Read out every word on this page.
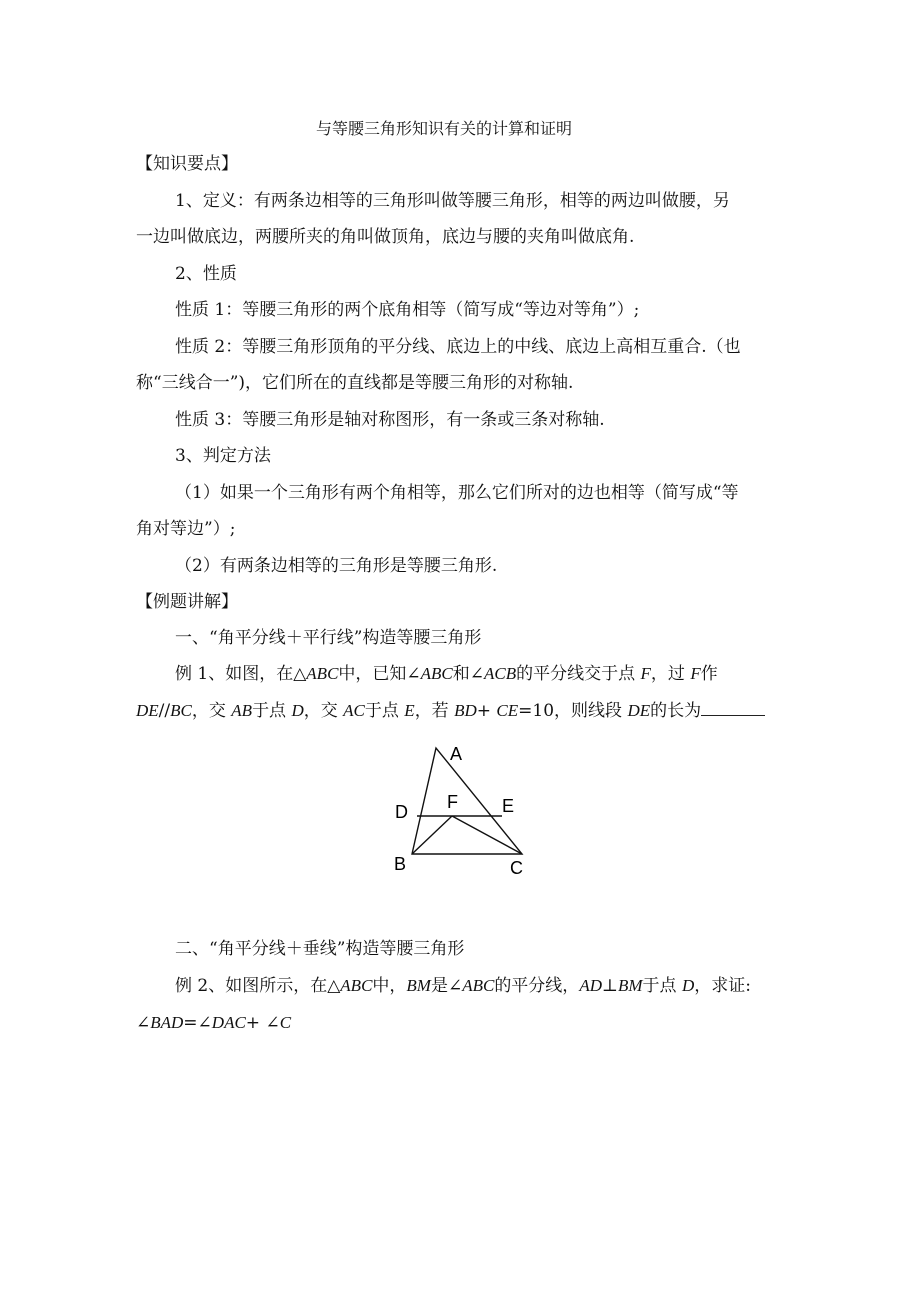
与等腰三角形知识有关的计算和证明
【知识要点】
1、定义：有两条边相等的三角形叫做等腰三角形，相等的两边叫做腰，另
一边叫做底边，两腰所夹的角叫做顶角，底边与腰的夹角叫做底角.
2、性质
性质 1：等腰三角形的两个底角相等（简写成“等边对等角”）;
性质 2：等腰三角形顶角的平分线、底边上的中线、底边上高相互重合.（也
称“三线合一”)，它们所在的直线都是等腰三角形的对称轴.
性质 3：等腰三角形是轴对称图形，有一条或三条对称轴.
3、判定方法
（1）如果一个三角形有两个角相等，那么它们所对的边也相等（简写成“等
角对等边”）;
（2）有两条边相等的三角形是等腰三角形.
【例题讲解】
一、“角平分线＋平行线”构造等腰三角形
例 1、如图，在△ABC中，已知∠ABC和∠ACB的平分线交于点 F，过 F作
DE//BC，交 AB于点 D，交 AC于点 E，若 BD+ CE=10，则线段 DE的长为
A
D F E
B	C
二、“角平分线＋垂线”构造等腰三角形
例 2、如图所示，在△ABC中，BM是∠ABC的平分线，AD⊥BM于点 D，求证:
∠BAD=∠DAC+ ∠C
